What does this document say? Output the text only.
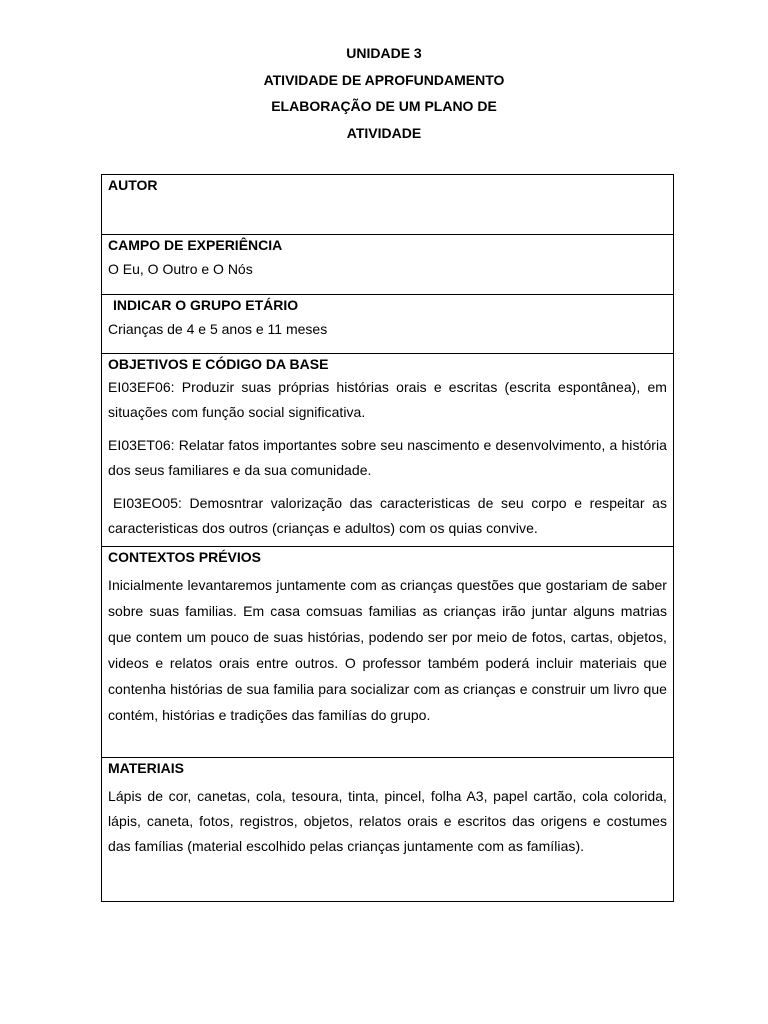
UNIDADE 3
ATIVIDADE DE APROFUNDAMENTO
ELABORAÇÃO DE UM PLANO DE
ATIVIDADE
AUTOR
CAMPO DE EXPERIÊNCIA
O Eu, O Outro e O Nós
INDICAR O GRUPO ETÁRIO
Crianças de 4 e 5 anos e 11 meses
OBJETIVOS E CÓDIGO DA BASE
EI03EF06: Produzir suas próprias histórias orais e escritas (escrita espontânea), em situações com função social significativa.
EI03ET06: Relatar fatos importantes sobre seu nascimento e desenvolvimento, a história dos seus familiares e da sua comunidade.
EI03EO05: Demosntrar valorização das caracteristicas de seu corpo e respeitar as caracteristicas dos outros (crianças e adultos) com os quias convive.
CONTEXTOS PRÉVIOS
Inicialmente levantaremos juntamente com as crianças questões que gostariam de saber sobre suas familias. Em casa comsuas familias as crianças irão juntar alguns matrias que contem um pouco de suas histórias, podendo ser por meio de fotos, cartas, objetos, videos e relatos orais entre outros. O professor também poderá incluir materiais que contenha histórias de sua familia para socializar com as crianças e construir um livro que contém, histórias e tradições das familías do grupo.
MATERIAIS
Lápis de cor, canetas, cola, tesoura, tinta, pincel, folha A3, papel cartão, cola colorida, lápis, caneta, fotos, registros, objetos, relatos orais e escritos das origens e costumes das famílias (material escolhido pelas crianças juntamente com as famílias).
